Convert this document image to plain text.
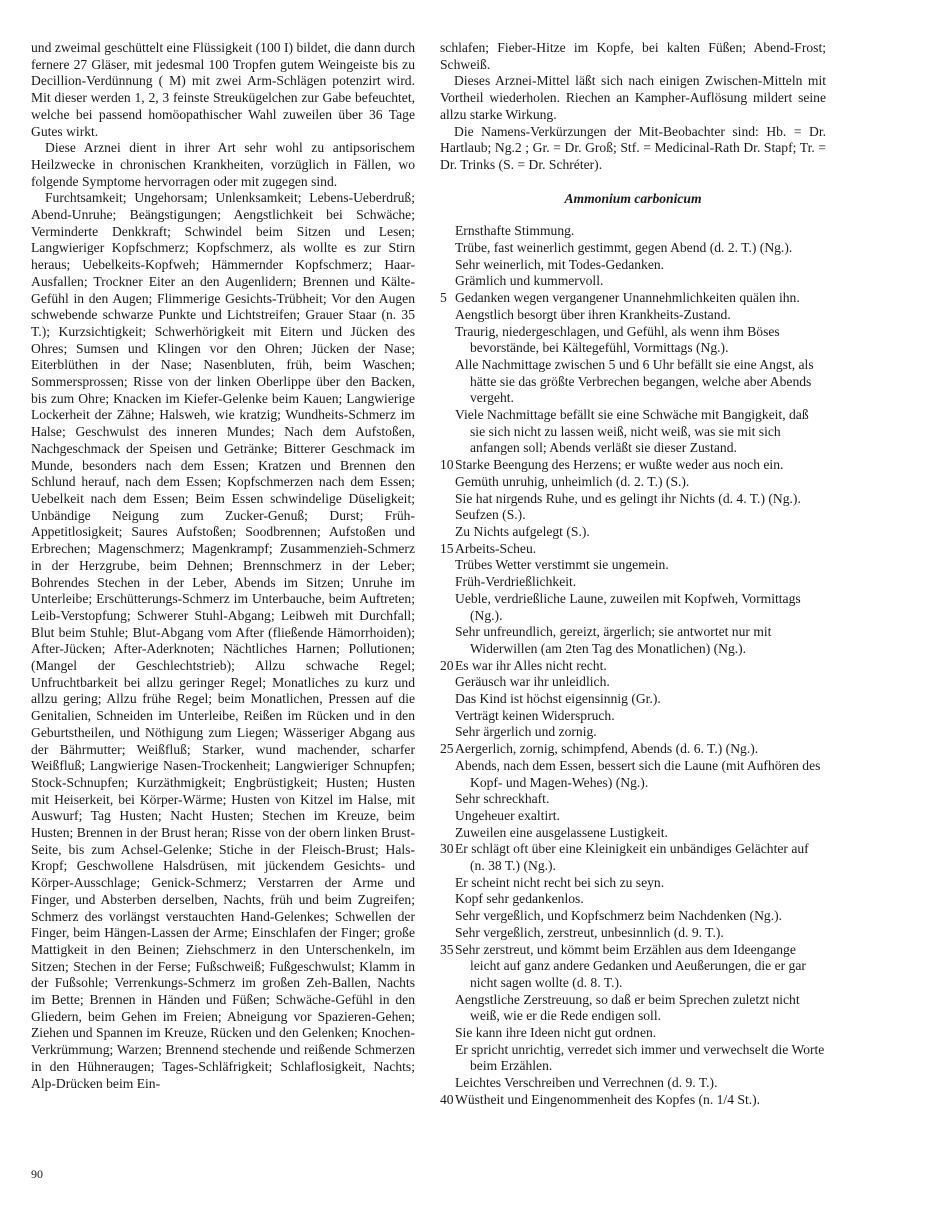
und zweimal geschüttelt eine Flüssigkeit (100 I) bildet, die dann durch fernere 27 Gläser, mit jedesmal 100 Tropfen gutem Weingeiste bis zu Decillion-Verdünnung ( M) mit zwei Arm-Schlägen potenzirt wird. Mit dieser werden 1, 2, 3 feinste Streukügelchen zur Gabe befeuchtet, welche bei passend homöopathischer Wahl zuweilen über 36 Tage Gutes wirkt.

Diese Arznei dient in ihrer Art sehr wohl zu antipsorischem Heilzwecke in chronischen Krankheiten, vorzüglich in Fällen, wo folgende Symptome hervorragen oder mit zugegen sind.

Furchtsamkeit; Ungehorsam; Unlenksamkeit; Lebens-Ueberdruß; Abend-Unruhe; Beängstigungen; Aengstlichkeit bei Schwäche; Verminderte Denkkraft; Schwindel beim Sitzen und Lesen; Langwieriger Kopfschmerz; Kopfschmerz, als wollte es zur Stirn heraus; Uebelkeits-Kopfweh; Hämmernder Kopfschmerz; Haar-Ausfallen; Trockner Eiter an den Augenlidern; Brennen und Kälte-Gefühl in den Augen; Flimmerige Gesichts-Trübheit; Vor den Augen schwebende schwarze Punkte und Lichtstreifen; Grauer Staar (n. 35 T.); Kurzsichtigkeit; Schwerhörigkeit mit Eitern und Jücken des Ohres; Sumsen und Klingen vor den Ohren; Jücken der Nase; Eiterblüthen in der Nase; Nasenbluten, früh, beim Waschen; Sommersprossen; Risse von der linken Oberlippe über den Backen, bis zum Ohre; Knacken im Kiefer-Gelenke beim Kauen; Langwierige Lockerheit der Zähne; Halsweh, wie kratzig; Wundheits-Schmerz im Halse; Geschwulst des inneren Mundes; Nach dem Aufstoßen, Nachgeschmack der Speisen und Getränke; Bitterer Geschmack im Munde, besonders nach dem Essen; Kratzen und Brennen den Schlund herauf, nach dem Essen; Kopfschmerzen nach dem Essen; Uebelkeit nach dem Essen; Beim Essen schwindelige Düseligkeit; Unbändige Neigung zum Zucker-Genuß; Durst; Früh-Appetitlosigkeit; Saures Aufstoßen; Soodbrennen; Aufstoßen und Erbrechen; Magenschmerz; Magenkrampf; Zusammenzieh-Schmerz in der Herzgrube, beim Dehnen; Brennschmerz in der Leber; Bohrendes Stechen in der Leber, Abends im Sitzen; Unruhe im Unterleibe; Erschütterungs-Schmerz im Unterbauche, beim Auftreten; Leib-Verstopfung; Schwerer Stuhl-Abgang; Leibweh mit Durchfall; Blut beim Stuhle; Blut-Abgang vom After (fließende Hämorrhoiden); After-Jücken; After-Aderknoten; Nächtliches Harnen; Pollutionen; (Mangel der Geschlechtstrieb); Allzu schwache Regel; Unfruchtbarkeit bei allzu geringer Regel; Monatliches zu kurz und allzu gering; Allzu frühe Regel; beim Monatlichen, Pressen auf die Genitalien, Schneiden im Unterleibe, Reißen im Rücken und in den Geburtstheilen, und Nöthigung zum Liegen; Wässeriger Abgang aus der Bährmutter; Weißfluß; Starker, wund machender, scharfer Weißfluß; Langwierige Nasen-Trockenheit; Langwieriger Schnupfen; Stock-Schnupfen; Kurzäthmigkeit; Engbrüstigkeit; Husten; Husten mit Heiserkeit, bei Körper-Wärme; Husten von Kitzel im Halse, mit Auswurf; Tag Husten; Nacht Husten; Stechen im Kreuze, beim Husten; Brennen in der Brust heran; Risse von der obern linken Brust-Seite, bis zum Achsel-Gelenke; Stiche in der Fleisch-Brust; Hals-Kropf; Geschwollene Halsdrüsen, mit jückendem Gesichts- und Körper-Ausschlage; Genick-Schmerz; Verstarren der Arme und Finger, und Absterben derselben, Nachts, früh und beim Zugreifen; Schmerz des vorlängst verstauchten Hand-Gelenkes; Schwellen der Finger, beim Hängen-Lassen der Arme; Einschlafen der Finger; große Mattigkeit in den Beinen; Ziehschmerz in den Unterschenkeln, im Sitzen; Stechen in der Ferse; Fußschweiß; Fußgeschwulst; Klamm in der Fußsohle; Verrenkungs-Schmerz im großen Zeh-Ballen, Nachts im Bette; Brennen in Händen und Füßen; Schwäche-Gefühl in den Gliedern, beim Gehen im Freien; Abneigung vor Spazieren-Gehen; Ziehen und Spannen im Kreuze, Rücken und den Gelenken; Knochen-Verkrümmung; Warzen; Brennend stechende und reißende Schmerzen in den Hühneraugen; Tages-Schläfrigkeit; Schlaflosigkeit, Nachts; Alp-Drücken beim Ein-

schlafen; Fieber-Hitze im Kopfe, bei kalten Füßen; Abend-Frost; Schweiß.

Dieses Arznei-Mittel läßt sich nach einigen Zwischen-Mitteln mit Vortheil wiederholen. Riechen an Kampher-Auflösung mildert seine allzu starke Wirkung.

Die Namens-Verkürzungen der Mit-Beobachter sind: Hb. = Dr. Hartlaub; Ng.2 ; Gr. = Dr. Groß; Stf. = Medicinal-Rath Dr. Stapf; Tr. = Dr. Trinks (S. = Dr. Schréter).

Ammonium carbonicum

Ernsthafte Stimmung.

Trübe, fast weinerlich gestimmt, gegen Abend (d. 2. T.) (Ng.).

Sehr weinerlich, mit Todes-Gedanken.

Grämlich und kummervoll.

5 Gedanken wegen vergangener Unannehmlichkeiten quälen ihn.

Aengstlich besorgt über ihren Krankheits-Zustand.

Traurig, niedergeschlagen, und Gefühl, als wenn ihm Böses bevorstände, bei Kältegefühl, Vormittags (Ng.).

Alle Nachmittage zwischen 5 und 6 Uhr befällt sie eine Angst, als hätte sie das größte Verbrechen begangen, welche aber Abends vergeht.

Viele Nachmittage befällt sie eine Schwäche mit Bangigkeit, daß sie sich nicht zu lassen weiß, nicht weiß, was sie mit sich anfangen soll; Abends verläßt sie dieser Zustand.

10Starke Beengung des Herzens; er wußte weder aus noch ein.

Gemüth unruhig, unheimlich (d. 2. T.) (S.).

Sie hat nirgends Ruhe, und es gelingt ihr Nichts (d. 4. T.) (Ng.).

Seufzen (S.).

Zu Nichts aufgelegt (S.).

15Arbeits-Scheu.

Trübes Wetter verstimmt sie ungemein.

Früh-Verdrießlichkeit.

Ueble, verdrießliche Laune, zuweilen mit Kopfweh, Vormittags (Ng.).

Sehr unfreundlich, gereizt, ärgerlich; sie antwortet nur mit Widerwillen (am 2ten Tag des Monatlichen) (Ng.).

20Es war ihr Alles nicht recht.

Geräusch war ihr unleidlich.

Das Kind ist höchst eigensinnig (Gr.).

Verträgt keinen Widerspruch.

Sehr ärgerlich und zornig.

25Aergerlich, zornig, schimpfend, Abends (d. 6. T.) (Ng.).

Abends, nach dem Essen, bessert sich die Laune (mit Aufhören des Kopf- und Magen-Wehes) (Ng.).

Sehr schreckhaft.

Ungeheuer exaltirt.

Zuweilen eine ausgelassene Lustigkeit.

30Er schlägt oft über eine Kleinigkeit ein unbändiges Gelächter auf (n. 38 T.) (Ng.).

Er scheint nicht recht bei sich zu seyn.

Kopf sehr gedankenlos.

Sehr vergeßlich, und Kopfschmerz beim Nachdenken (Ng.).

Sehr vergeßlich, zerstreut, unbesinnlich (d. 9. T.).

35Sehr zerstreut, und kömmt beim Erzählen aus dem Ideengange leicht auf ganz andere Gedanken und Aeußerungen, die er gar nicht sagen wollte (d. 8. T.).

Aengstliche Zerstreuung, so daß er beim Sprechen zuletzt nicht weiß, wie er die Rede endigen soll.

Sie kann ihre Ideen nicht gut ordnen.

Er spricht unrichtig, verredet sich immer und verwechselt die Worte beim Erzählen.

Leichtes Verschreiben und Verrechnen (d. 9. T.).

40Wüstheit und Eingenommenheit des Kopfes (n. 1/4 St.).

90
